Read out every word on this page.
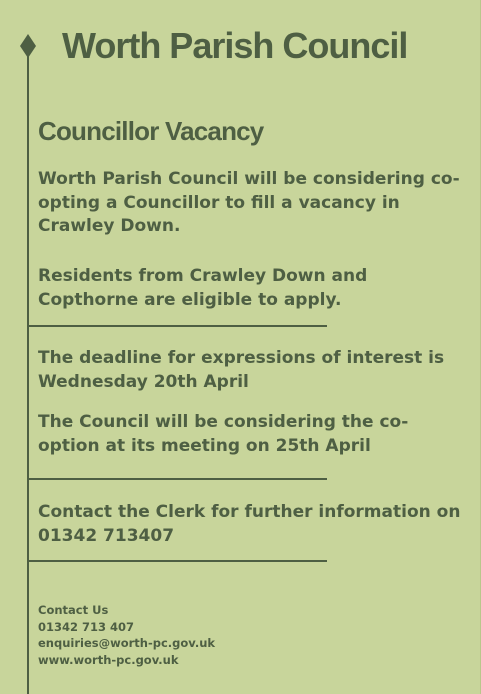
Worth Parish Council
Councillor Vacancy

Worth Parish Council will be considering co-opting a Councillor to fill a vacancy in Crawley Down.

Residents from Crawley Down and Copthorne are eligible to apply.

The deadline for expressions of interest is Wednesday 20th April

The Council will be considering the co-option at its meeting on 25th April

Contact the Clerk for further information on 01342 713407

Contact Us
01342 713 407
enquiries@worth-pc.gov.uk
www.worth-pc.gov.uk
